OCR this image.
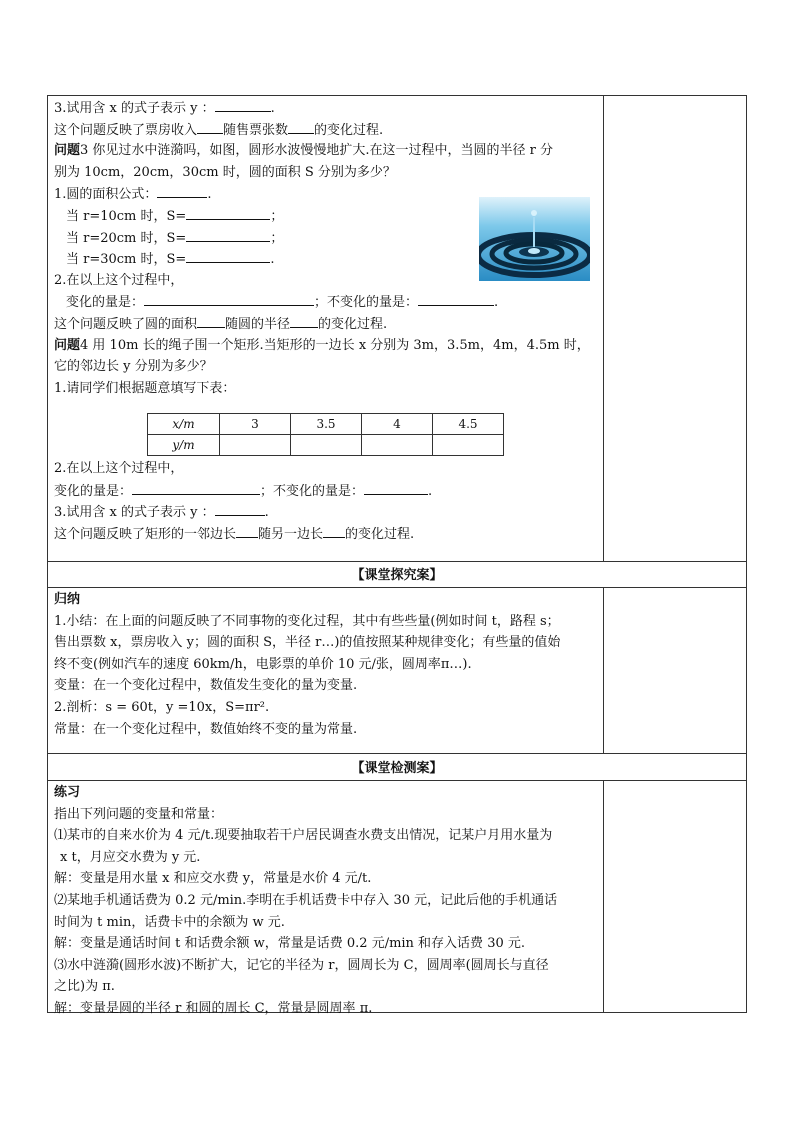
3.试用含 x 的式子表示 y ：	.
这个问题反映了票房收入 随售票张数 的变化过程.
问题3 你见过水中涟漪吗，如图，圆形水波慢慢地扩大.在这一过程中，当圆的半径 r 分
别为 10cm，20cm，30cm 时，圆的面积 S 分别为多少？
1.圆的面积公式：	.
当 r=10cm 时，S=	；
当 r=20cm 时，S=	；
当 r=30cm 时，S=	.
2.在以上这个过程中，
变化的量是：	；不变化的量是：	.
这个问题反映了圆的面积 随圆的半径 的变化过程.
问题4 用 10m 长的绳子围一个矩形.当矩形的一边长 x 分别为 3m，3.5m，4m，4.5m 时，
它的邻边长 y 分别为多少？
1.请同学们根据题意填写下表：
x/m	3	3.5	4	4.5
y/m				
2.在以上这个过程中，
变化的量是：	；不变化的量是：	.
3.试用含 x 的式子表示 y ：	.
这个问题反映了矩形的一邻边长 随另一边长 的变化过程.
【课堂探究案】
归纳
1.小结：在上面的问题反映了不同事物的变化过程，其中有些些量(例如时间 t，路程 s；
售出票数 x，票房收入 y；圆的面积 S，半径 r…)的值按照某种规律变化；有些量的值始
终不变(例如汽车的速度 60km/h，电影票的单价 10 元/张，圆周率π…).
变量：在一个变化过程中，数值发生变化的量为变量.
2.剖析：s = 60t，y =10x，S=πr².
常量：在一个变化过程中，数值始终不变的量为常量.
【课堂检测案】
练习
指出下列问题的变量和常量：
⑴某市的自来水价为 4 元/t.现要抽取若干户居民调查水费支出情况，记某户月用水量为
x t，月应交水费为 y 元.
解：变量是用水量 x 和应交水费 y，常量是水价 4 元/t.
⑵某地手机通话费为 0.2 元/min.李明在手机话费卡中存入 30 元，记此后他的手机通话
时间为 t min，话费卡中的余额为 w 元.
解：变量是通话时间 t 和话费余额 w，常量是话费 0.2 元/min 和存入话费 30 元.
⑶水中涟漪(圆形水波)不断扩大，记它的半径为 r，圆周长为 C，圆周率(圆周长与直径
之比)为 π.
解：变量是圆的半径 r 和圆的周长 C，常量是圆周率 π.
